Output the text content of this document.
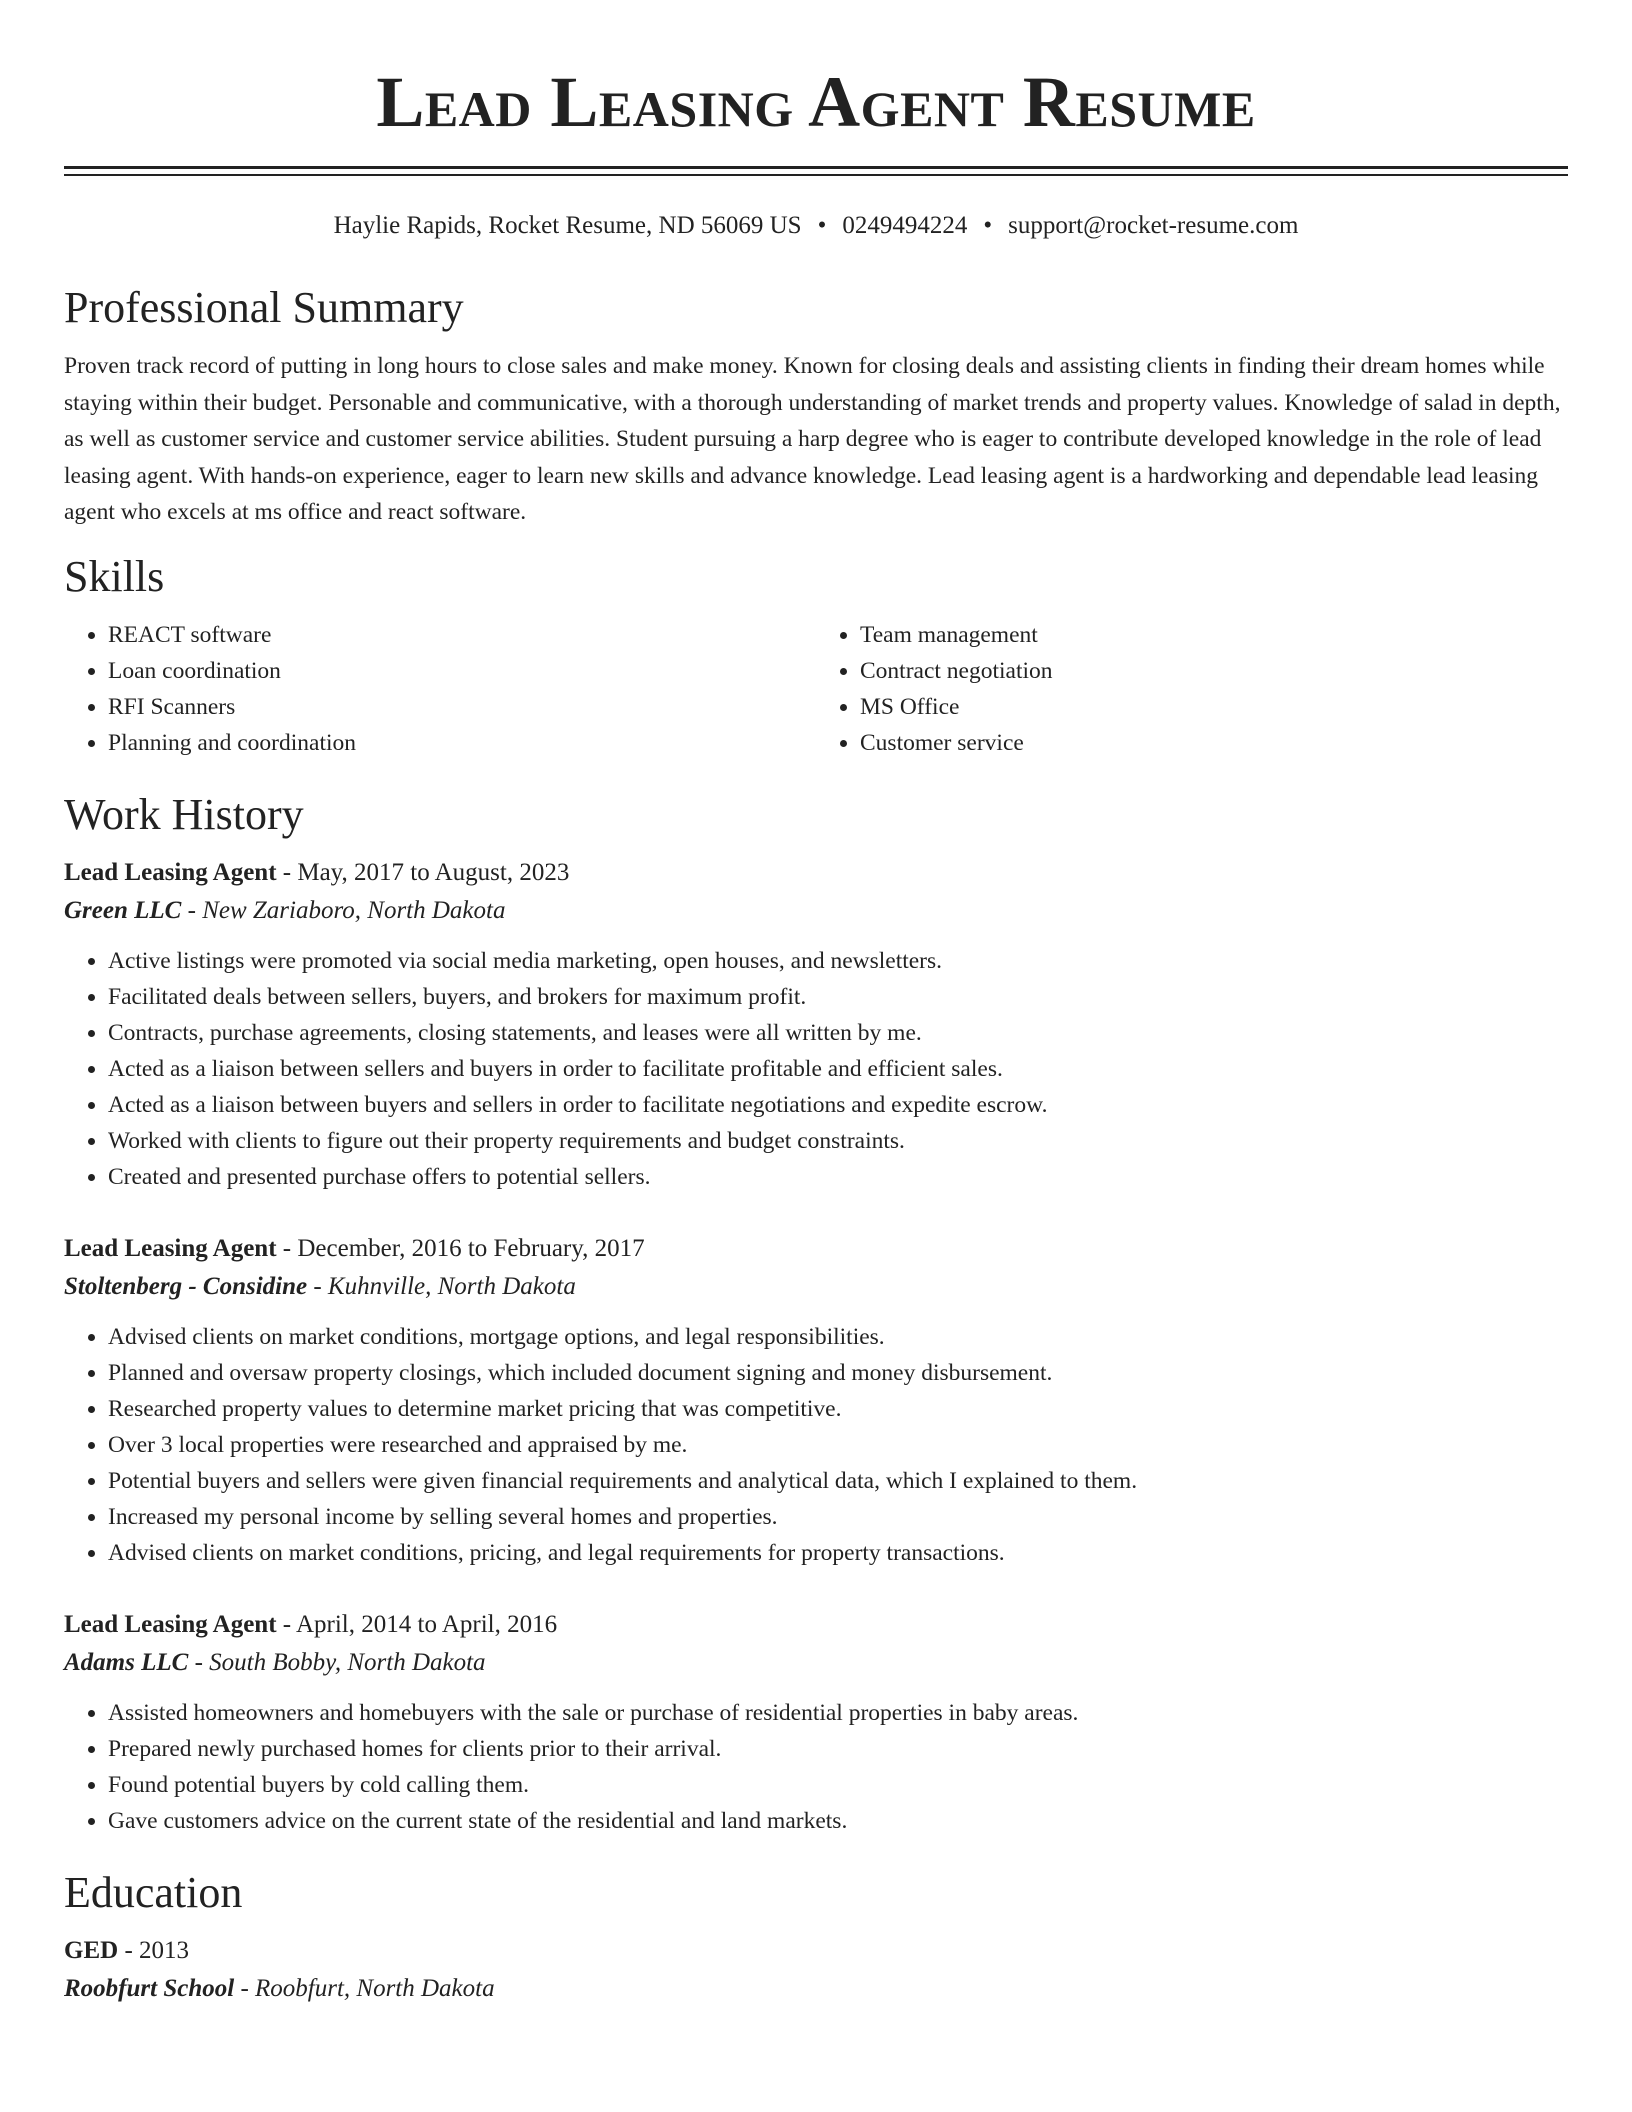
Lead Leasing Agent Resume
Haylie Rapids, Rocket Resume, ND 56069 US • 0249494224 • support@rocket-resume.com
Professional Summary

Proven track record of putting in long hours to close sales and make money. Known for closing deals and assisting clients in finding their dream homes while staying within their budget. Personable and communicative, with a thorough understanding of market trends and property values. Knowledge of salad in depth, as well as customer service and customer service abilities. Student pursuing a harp degree who is eager to contribute developed knowledge in the role of lead leasing agent. With hands-on experience, eager to learn new skills and advance knowledge. Lead leasing agent is a hardworking and dependable lead leasing agent who excels at ms office and react software.

Skills
• REACT software
• Loan coordination
• RFI Scanners
• Planning and coordination
• Team management
• Contract negotiation
• MS Office
• Customer service
Work History
Lead Leasing Agent - May, 2017 to August, 2023
Green LLC - New Zariaboro, North Dakota
• Active listings were promoted via social media marketing, open houses, and newsletters.
• Facilitated deals between sellers, buyers, and brokers for maximum profit.
• Contracts, purchase agreements, closing statements, and leases were all written by me.
• Acted as a liaison between sellers and buyers in order to facilitate profitable and efficient sales.
• Acted as a liaison between buyers and sellers in order to facilitate negotiations and expedite escrow.
• Worked with clients to figure out their property requirements and budget constraints.
• Created and presented purchase offers to potential sellers.
Lead Leasing Agent - December, 2016 to February, 2017
Stoltenberg - Considine - Kuhnville, North Dakota
• Advised clients on market conditions, mortgage options, and legal responsibilities.
• Planned and oversaw property closings, which included document signing and money disbursement.
• Researched property values to determine market pricing that was competitive.
• Over 3 local properties were researched and appraised by me.
• Potential buyers and sellers were given financial requirements and analytical data, which I explained to them.
• Increased my personal income by selling several homes and properties.
• Advised clients on market conditions, pricing, and legal requirements for property transactions.
Lead Leasing Agent - April, 2014 to April, 2016
Adams LLC - South Bobby, North Dakota
• Assisted homeowners and homebuyers with the sale or purchase of residential properties in baby areas.
• Prepared newly purchased homes for clients prior to their arrival.
• Found potential buyers by cold calling them.
• Gave customers advice on the current state of the residential and land markets.
Education
GED - 2013
Roobfurt School - Roobfurt, North Dakota
